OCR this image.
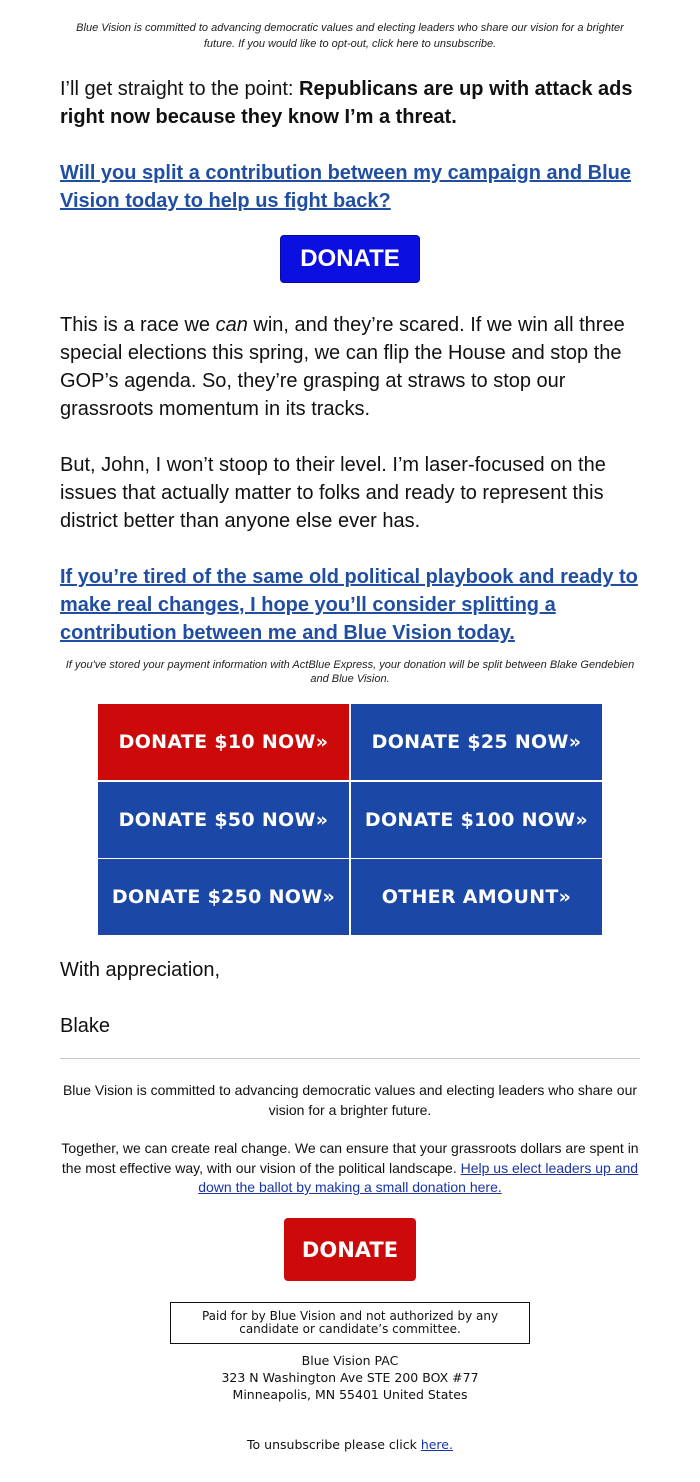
Blue Vision is committed to advancing democratic values and electing leaders who share our vision for a brighter future. If you would like to opt-out, click here to unsubscribe.

I’ll get straight to the point: Republicans are up with attack ads right now because they know I’m a threat.

Will you split a contribution between my campaign and Blue Vision today to help us fight back?

DONATE

This is a race we can win, and they’re scared. If we win all three special elections this spring, we can flip the House and stop the GOP’s agenda. So, they’re grasping at straws to stop our grassroots momentum in its tracks.

But, John, I won’t stoop to their level. I’m laser-focused on the issues that actually matter to folks and ready to represent this district better than anyone else ever has.

If you’re tired of the same old political playbook and ready to make real changes, I hope you’ll consider splitting a contribution between me and Blue Vision today.

If you've stored your payment information with ActBlue Express, your donation will be split between Blake Gendebien and Blue Vision.

DONATE $10 NOW»	DONATE $25 NOW»
DONATE $50 NOW»	DONATE $100 NOW»
DONATE $250 NOW»	OTHER AMOUNT»

With appreciation,

Blake

Blue Vision is committed to advancing democratic values and electing leaders who share our vision for a brighter future.

Together, we can create real change. We can ensure that your grassroots dollars are spent in the most effective way, with our vision of the political landscape. Help us elect leaders up and down the ballot by making a small donation here.

DONATE
Paid for by Blue Vision and not authorized by any candidate or candidate’s committee.
Blue Vision PAC
323 N Washington Ave STE 200 BOX #77
Minneapolis, MN 55401 United States
To unsubscribe please click here.
